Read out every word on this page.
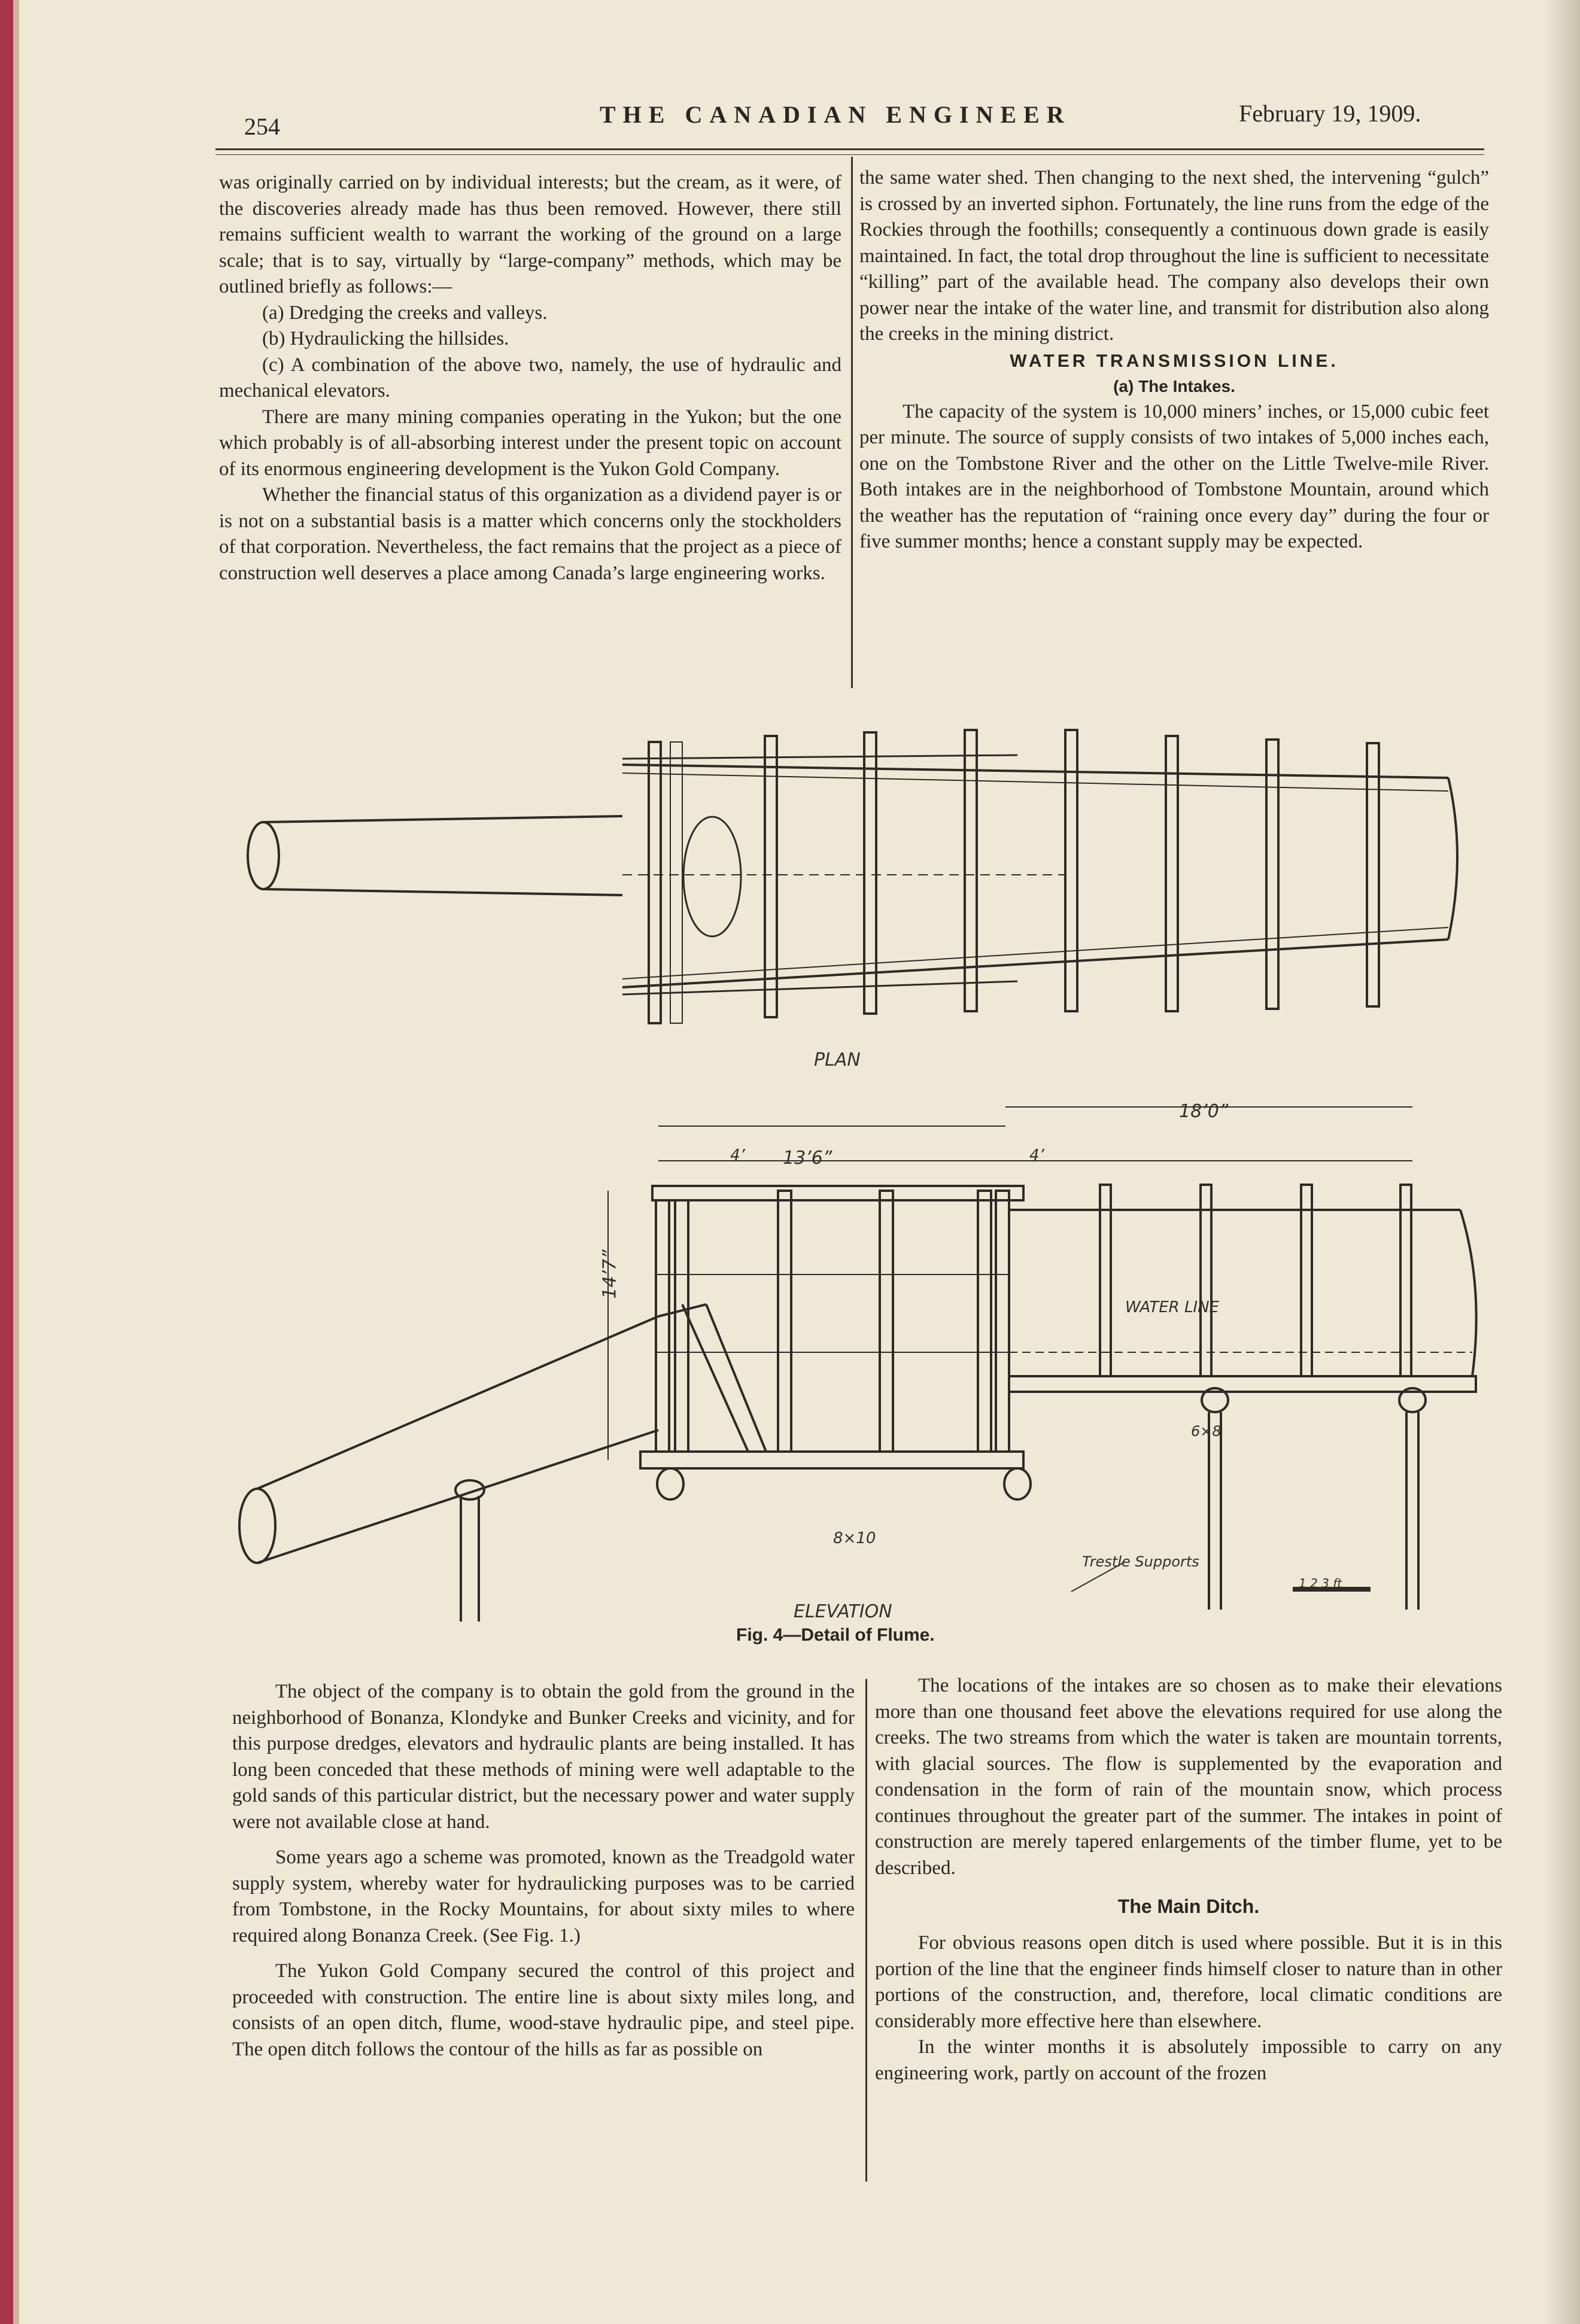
254	THE CANADIAN ENGINEER	February 19, 1909.

was originally carried on by individual interests; but the cream, as it were, of the discoveries already made has thus been removed. However, there still remains sufficient wealth to warrant the working of the ground on a large scale; that is to say, virtually by “large-company” methods, which may be outlined briefly as follows:—

(a) Dredging the creeks and valleys.

(b) Hydraulicking the hillsides.

(c) A combination of the above two, namely, the use of hydraulic and mechanical elevators.

There are many mining companies operating in the Yukon; but the one which probably is of all-absorbing interest under the present topic on account of its enormous engineering development is the Yukon Gold Company.

Whether the financial status of this organization as a dividend payer is or is not on a substantial basis is a matter which concerns only the stockholders of that corporation. Nevertheless, the fact remains that the project as a piece of construction well deserves a place among Canada’s large engineering works.

the same water shed. Then changing to the next shed, the intervening “gulch” is crossed by an inverted siphon. Fortunately, the line runs from the edge of the Rockies through the foothills; consequently a continuous down grade is easily maintained. In fact, the total drop throughout the line is sufficient to necessitate “killing” part of the available head. The company also develops their own power near the intake of the water line, and transmit for distribution also along the creeks in the mining district.

WATER TRANSMISSION LINE.
(a) The Intakes.

The capacity of the system is 10,000 miners’ inches, or 15,000 cubic feet per minute. The source of supply consists of two intakes of 5,000 inches each, one on the Tombstone River and the other on the Little Twelve-mile River. Both intakes are in the neighborhood of Tombstone Mountain, around which the weather has the reputation of “raining once every day” during the four or five summer months; hence a constant supply may be expected.

PLAN
13’6”
18’0”
4’	4’
14’7”
WATER LINE
6×8
8×10
Trestle Supports
1 2 3 ft
ELEVATION
Fig. 4—Detail of Flume.

The object of the company is to obtain the gold from the ground in the neighborhood of Bonanza, Klondyke and Bunker Creeks and vicinity, and for this purpose dredges, elevators and hydraulic plants are being installed. It has long been conceded that these methods of mining were well adaptable to the gold sands of this particular district, but the necessary power and water supply were not available close at hand.

Some years ago a scheme was promoted, known as the Treadgold water supply system, whereby water for hydraulicking purposes was to be carried from Tombstone, in the Rocky Mountains, for about sixty miles to where required along Bonanza Creek. (See Fig. 1.)

The Yukon Gold Company secured the control of this project and proceeded with construction. The entire line is about sixty miles long, and consists of an open ditch, flume, wood-stave hydraulic pipe, and steel pipe. The open ditch follows the contour of the hills as far as possible on

The locations of the intakes are so chosen as to make their elevations more than one thousand feet above the elevations required for use along the creeks. The two streams from which the water is taken are mountain torrents, with glacial sources. The flow is supplemented by the evaporation and condensation in the form of rain of the mountain snow, which process continues throughout the greater part of the summer. The intakes in point of construction are merely tapered enlargements of the timber flume, yet to be described.

The Main Ditch.

For obvious reasons open ditch is used where possible. But it is in this portion of the line that the engineer finds himself closer to nature than in other portions of the construction, and, therefore, local climatic conditions are considerably more effective here than elsewhere.

In the winter months it is absolutely impossible to carry on any engineering work, partly on account of the frozen
